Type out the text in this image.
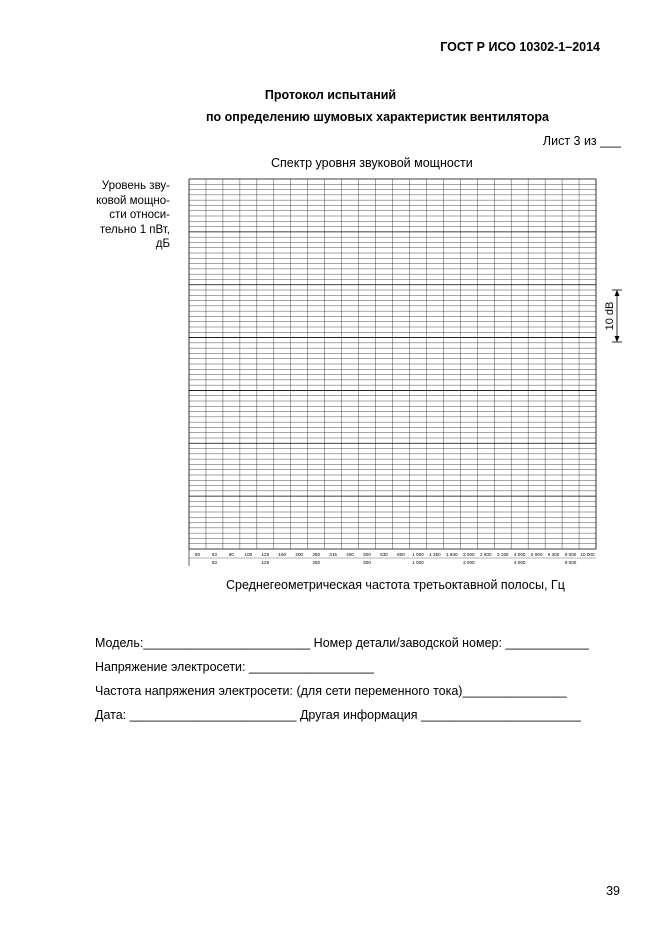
ГОСТ Р ИСО 10302-1–2014
Протокол испытаний
по определению шумовых характеристик вентилятора
Лист 3 из ___
Спектр уровня звуковой мощности
Уровень зву-
ковой мощно-
сти относи-
тельно 1 пВт,
дБ
50	63	80 100 125 160 200 250 315 400 500 630 800 1 000 1 250 1 600 2 000 2 500 3 150 4 000 5 000 6 300 8 000 10 000
63	125	250	500	1 000	2 000	4 000	8 000
10 dB
Среднегеометрическая частота третьоктавной полосы, Гц
Модель:________________________ Номер детали/заводской номер: ____________
Напряжение электросети: __________________
Частота напряжения электросети: (для сети переменного тока)_______________
Дата: ________________________ Другая информация _______________________
39
